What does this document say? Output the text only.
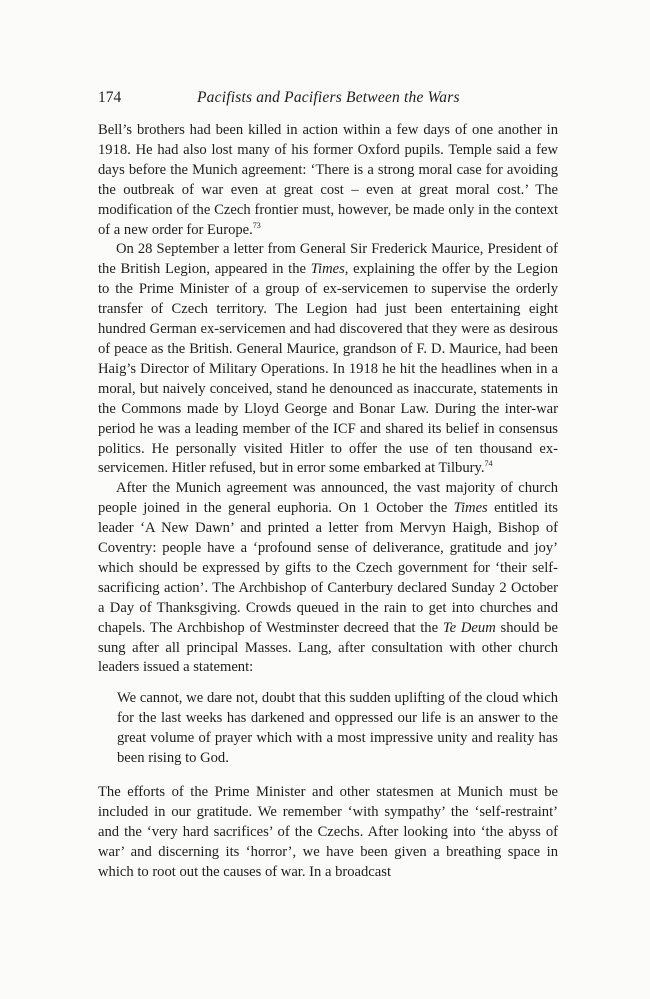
174	Pacifists and Pacifiers Between the Wars

Bell’s brothers had been killed in action within a few days of one another in 1918. He had also lost many of his former Oxford pupils. Temple said a few days before the Munich agreement: ‘There is a strong moral case for avoiding the outbreak of war even at great cost – even at great moral cost.’ The modification of the Czech frontier must, however, be made only in the context of a new order for Europe.$^{73}$

On 28 September a letter from General Sir Frederick Maurice, President of the British Legion, appeared in the Times, explaining the offer by the Legion to the Prime Minister of a group of ex-servicemen to supervise the orderly transfer of Czech territory. The Legion had just been entertaining eight hundred German ex-servicemen and had discovered that they were as desirous of peace as the British. General Maurice, grandson of F. D. Maurice, had been Haig’s Director of Military Operations. In 1918 he hit the headlines when in a moral, but naively conceived, stand he denounced as inaccurate, statements in the Commons made by Lloyd George and Bonar Law. During the inter-war period he was a leading member of the ICF and shared its belief in consensus politics. He personally visited Hitler to offer the use of ten thousand ex-servicemen. Hitler refused, but in error some embarked at Tilbury.$^{74}$

After the Munich agreement was announced, the vast majority of church people joined in the general euphoria. On 1 October the Times entitled its leader ‘A New Dawn’ and printed a letter from Mervyn Haigh, Bishop of Coventry: people have a ‘profound sense of deliverance, gratitude and joy’ which should be expressed by gifts to the Czech government for ‘their self-sacrificing action’. The Archbishop of Canterbury declared Sunday 2 October a Day of Thanksgiving. Crowds queued in the rain to get into churches and chapels. The Archbishop of Westminster decreed that the Te Deum should be sung after all principal Masses. Lang, after consultation with other church leaders issued a statement:

We cannot, we dare not, doubt that this sudden uplifting of the cloud which for the last weeks has darkened and oppressed our life is an answer to the great volume of prayer which with a most impressive unity and reality has been rising to God.

The efforts of the Prime Minister and other statesmen at Munich must be included in our gratitude. We remember ‘with sympathy’ the ‘self-restraint’ and the ‘very hard sacrifices’ of the Czechs. After looking into ‘the abyss of war’ and discerning its ‘horror’, we have been given a breathing space in which to root out the causes of war. In a broadcast
